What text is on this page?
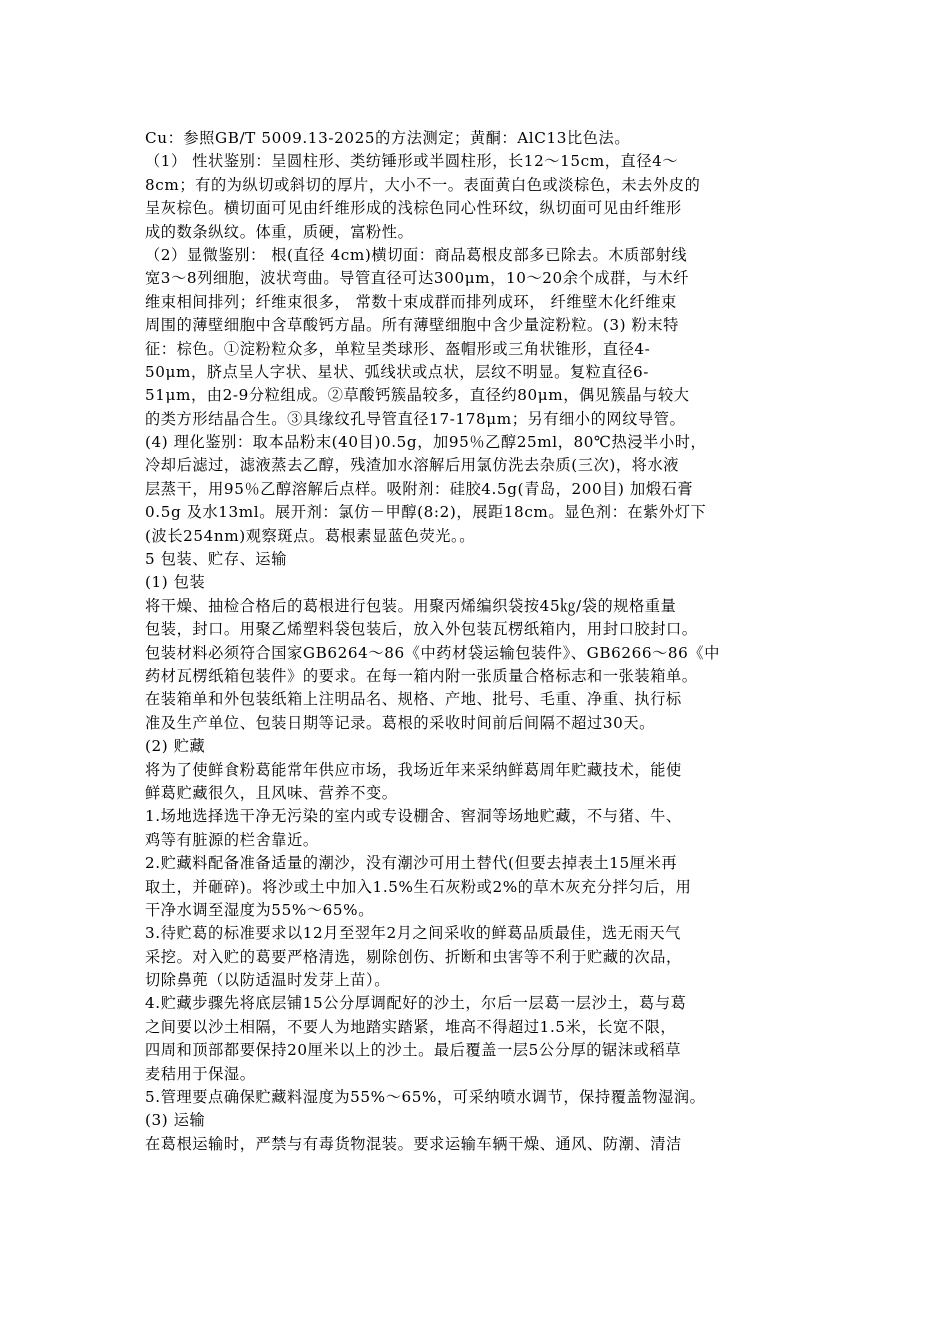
Cu：参照GB/T 5009.13-2025的方法测定；黄酮：AlC13比色法。
（1） 性状鉴别：呈圆柱形、类纺锤形或半圆柱形，长12～15cm，直径4～
8cm；有的为纵切或斜切的厚片，大小不一。表面黄白色或淡棕色，未去外皮的
呈灰棕色。横切面可见由纤维形成的浅棕色同心性环纹，纵切面可见由纤维形
成的数条纵纹。体重，质硬，富粉性。
（2）显微鉴别： 根(直径 4cm)横切面：商品葛根皮部多已除去。木质部射线
宽3～8列细胞，波状弯曲。导管直径可达300μm，10～20余个成群，与木纤
维束相间排列；纤维束很多， 常数十束成群而排列成环， 纤维壁木化纤维束
周围的薄壁细胞中含草酸钙方晶。所有薄壁细胞中含少量淀粉粒。(3) 粉末特
征：棕色。①淀粉粒众多，单粒呈类球形、盔帽形或三角状锥形，直径4-
50μm，脐点呈人字状、星状、弧线状或点状，层纹不明显。复粒直径6-
51μm，由2-9分粒组成。②草酸钙簇晶较多，直径约80μm，偶见簇晶与较大
的类方形结晶合生。③具缘纹孔导管直径17-178μm；另有细小的网纹导管。
(4) 理化鉴别：取本品粉末(40目)0.5g，加95％乙醇25ml，80℃热浸半小时，
冷却后滤过，滤液蒸去乙醇，残渣加水溶解后用氯仿洗去杂质(三次)，将水液
层蒸干，用95％乙醇溶解后点样。吸附剂：硅胶4.5g(青岛，200目) 加煅石膏
0.5g 及水13ml。展开剂：氯仿－甲醇(8:2)，展距18cm。显色剂：在紫外灯下
(波长254nm)观察斑点。葛根素显蓝色荧光。。
5 包装、贮存、运输
(1) 包装
将干燥、抽检合格后的葛根进行包装。用聚丙烯编织袋按45㎏/袋的规格重量
包装，封口。用聚乙烯塑料袋包装后，放入外包装瓦楞纸箱内，用封口胶封口。
包装材料必须符合国家GB6264～86《中药材袋运输包装件》、GB6266～86《中
药材瓦楞纸箱包装件》的要求。在每一箱内附一张质量合格标志和一张装箱单。
在装箱单和外包装纸箱上注明品名、规格、产地、批号、毛重、净重、执行标
准及生产单位、包装日期等记录。葛根的采收时间前后间隔不超过30天。
(2) 贮藏
将为了使鲜食粉葛能常年供应市场，我场近年来采纳鲜葛周年贮藏技术，能使
鲜葛贮藏很久，且风味、营养不变。
1.场地选择选干净无污染的室内或专设棚舍、窖洞等场地贮藏，不与猪、牛、
鸡等有脏源的栏舍靠近。
2.贮藏料配备准备适量的潮沙，没有潮沙可用土替代(但要去掉表土15厘米再
取土，并砸碎)。将沙或土中加入1.5%生石灰粉或2%的草木灰充分拌匀后，用
干净水调至湿度为55%～65%。
3.待贮葛的标准要求以12月至翌年2月之间采收的鲜葛品质最佳，选无雨天气
采挖。对入贮的葛要严格清选，剔除创伤、折断和虫害等不利于贮藏的次品，
切除鼻蔸（以防适温时发芽上苗）。
4.贮藏步骤先将底层铺15公分厚调配好的沙土，尔后一层葛一层沙土，葛与葛
之间要以沙土相隔，不要人为地踏实踏紧，堆高不得超过1.5米，长宽不限，
四周和顶部都要保持20厘米以上的沙土。最后覆盖一层5公分厚的锯沫或稻草
麦秸用于保湿。
5.管理要点确保贮藏料湿度为55%～65%，可采纳喷水调节，保持覆盖物湿润。
(3) 运输
在葛根运输时，严禁与有毒货物混装。要求运输车辆干燥、通风、防潮、清洁
